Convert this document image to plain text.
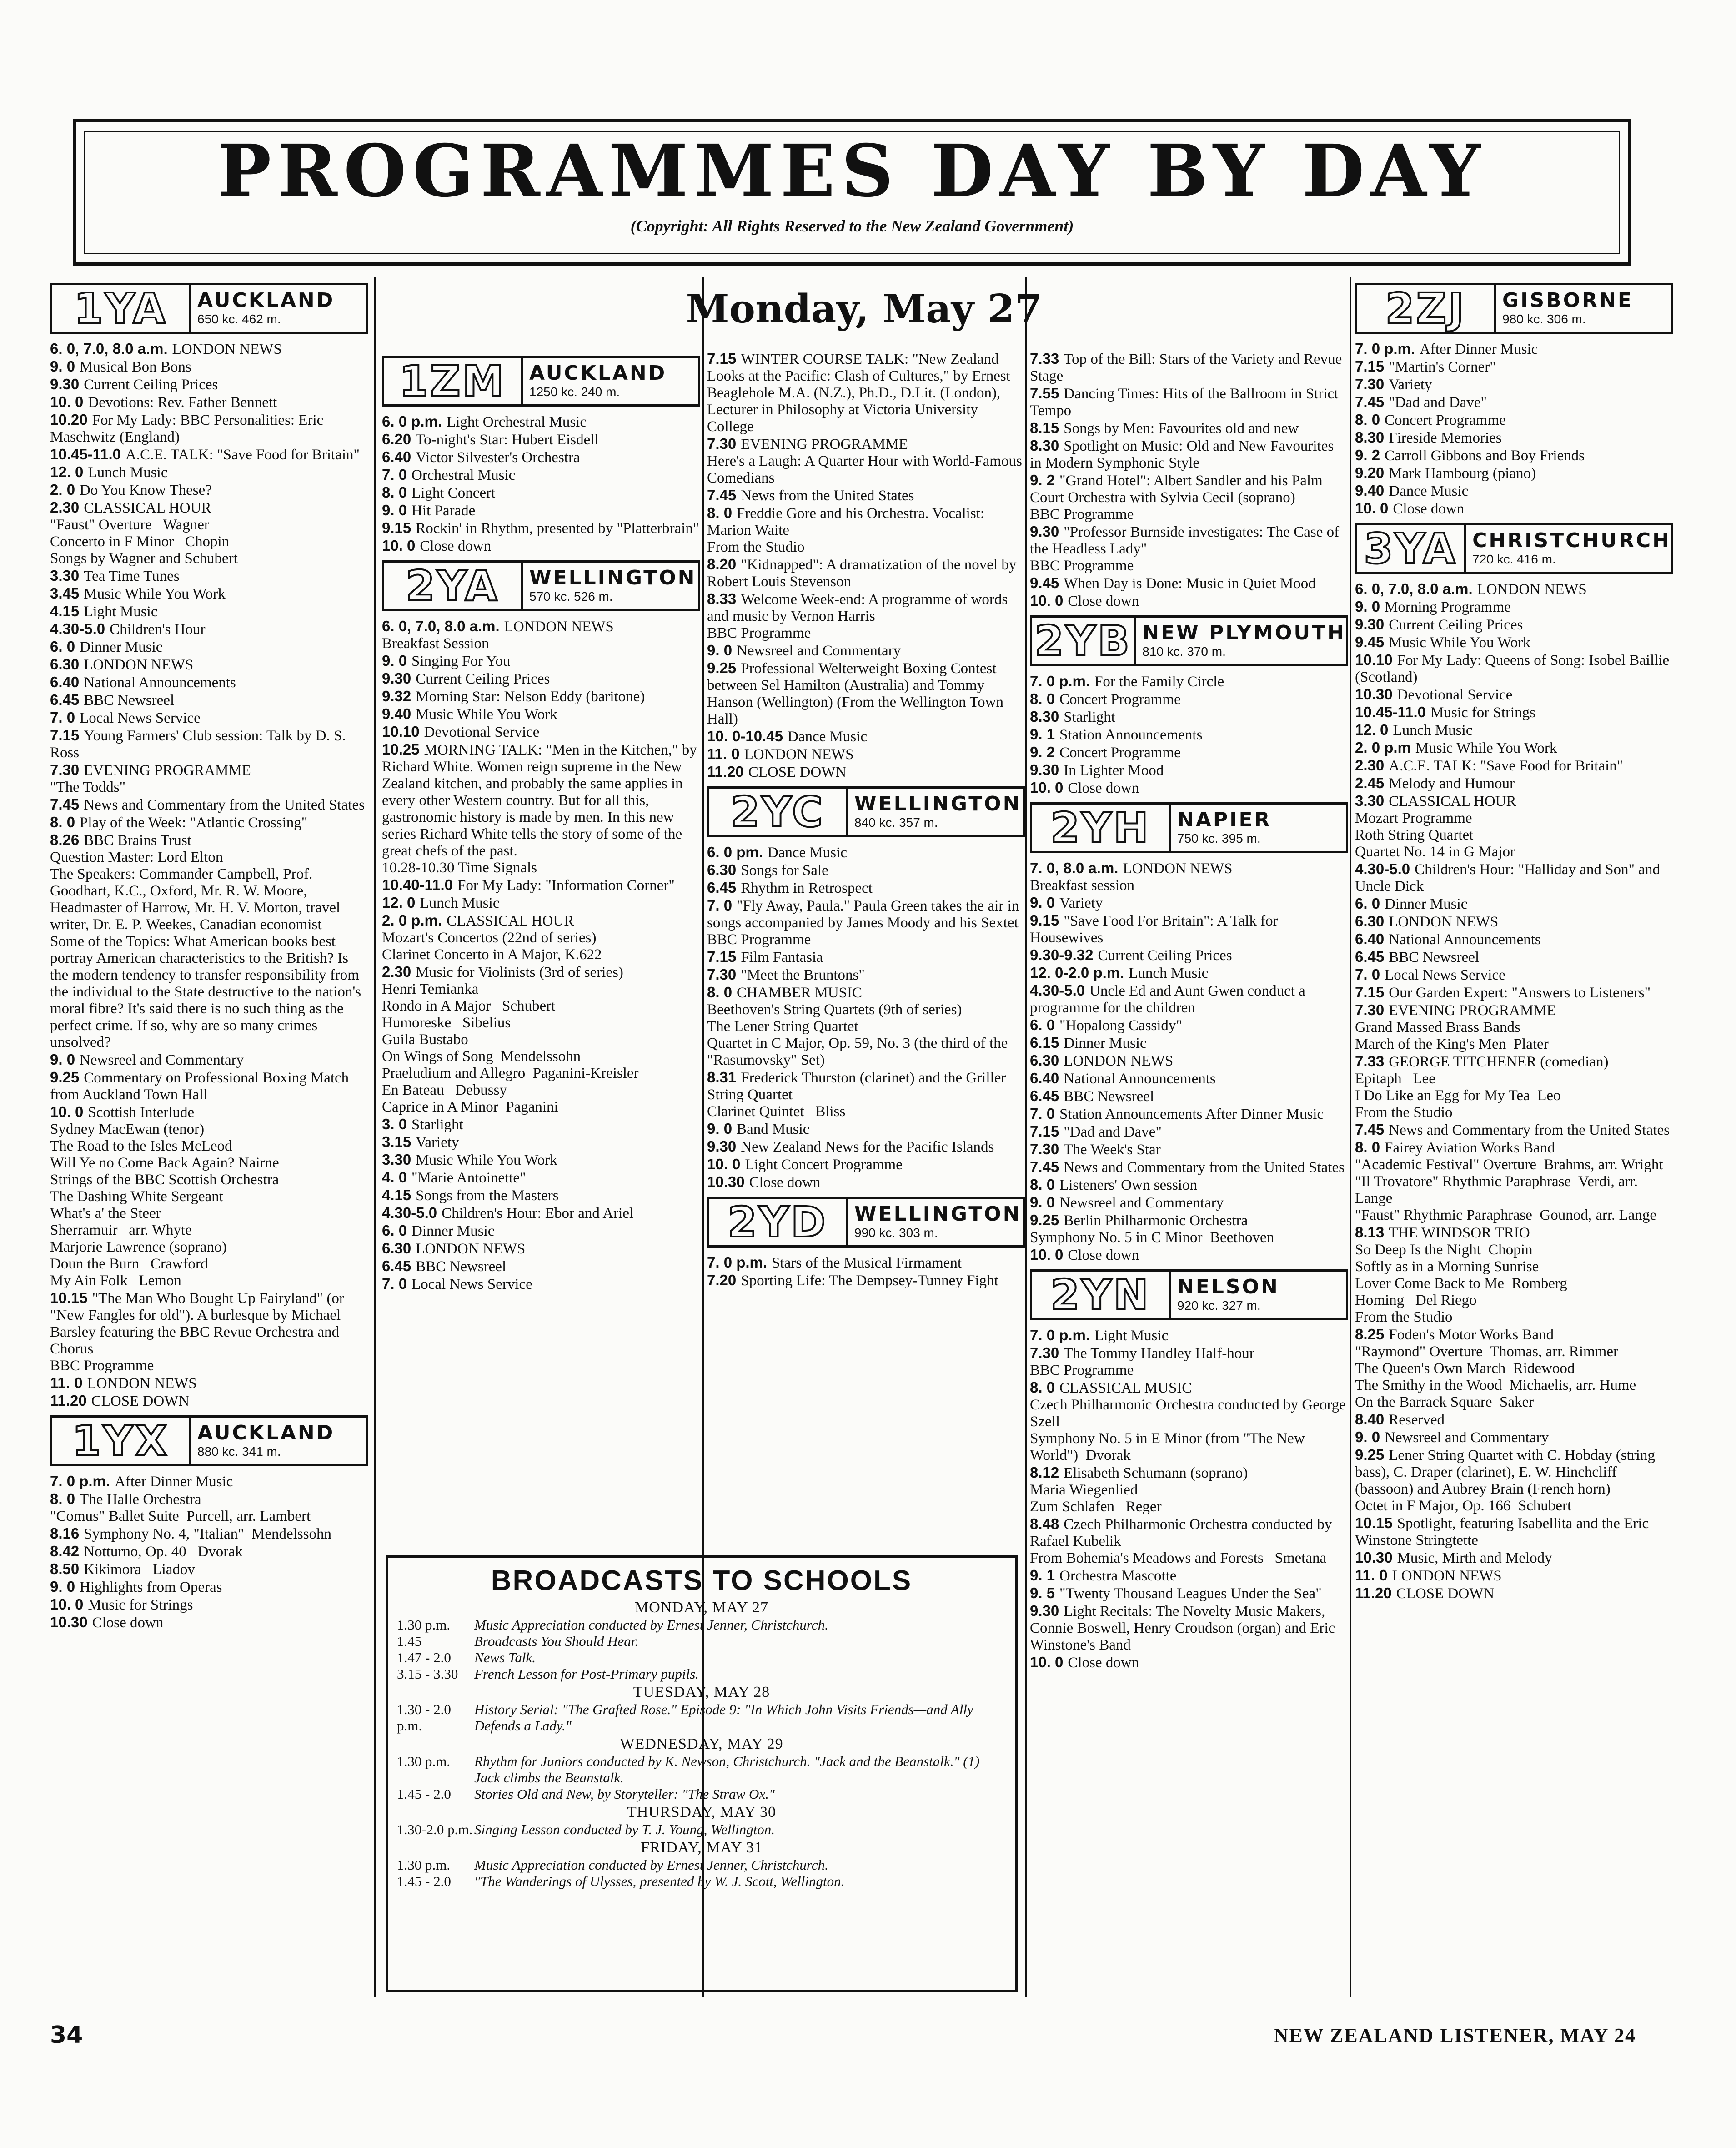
PROGRAMMES DAY BY DAY
(Copyright: All Rights Reserved to the New Zealand Government)
Monday, May 27
1YA	AUCKLAND
650 kc. 462 m.

6. 0, 7.0, 8.0 a.m. LONDON NEWS

9. 0 Musical Bon Bons

9.30 Current Ceiling Prices

10. 0 Devotions: Rev. Father Bennett

10.20 For My Lady: BBC Personalities: Eric Maschwitz (England)

10.45-11.0 A.C.E. TALK: "Save Food for Britain"

12. 0 Lunch Music

2. 0 Do You Know These?

2.30 CLASSICAL HOUR

"Faust" Overture   Wagner

Concerto in F Minor   Chopin

Songs by Wagner and Schubert

3.30 Tea Time Tunes

3.45 Music While You Work

4.15 Light Music

4.30-5.0 Children's Hour

6. 0 Dinner Music

6.30 LONDON NEWS

6.40 National Announcements

6.45 BBC Newsreel

7. 0 Local News Service

7.15 Young Farmers' Club session: Talk by D. S. Ross

7.30 EVENING PROGRAMME

"The Todds"

7.45 News and Commentary from the United States

8. 0 Play of the Week: "Atlantic Crossing"

8.26 BBC Brains Trust

Question Master: Lord Elton

The Speakers: Commander Campbell, Prof. Goodhart, K.C., Oxford, Mr. R. W. Moore, Headmaster of Harrow, Mr. H. V. Morton, travel writer, Dr. E. P. Weekes, Canadian economist

Some of the Topics: What American books best portray American characteristics to the British? Is the modern tendency to transfer responsibility from the individual to the State destructive to the nation's moral fibre? It's said there is no such thing as the perfect crime. If so, why are so many crimes unsolved?

9. 0 Newsreel and Commentary

9.25 Commentary on Professional Boxing Match from Auckland Town Hall

10. 0 Scottish Interlude

Sydney MacEwan (tenor)

The Road to the Isles McLeod

Will Ye no Come Back Again? Nairne

Strings of the BBC Scottish Orchestra

The Dashing White Sergeant

What's a' the Steer

Sherramuir   arr. Whyte

Marjorie Lawrence (soprano)

Doun the Burn   Crawford

My Ain Folk   Lemon

10.15 "The Man Who Bought Up Fairyland" (or "New Fangles for old"). A burlesque by Michael Barsley featuring the BBC Revue Orchestra and Chorus

BBC Programme

11. 0 LONDON NEWS

11.20 CLOSE DOWN

1YX	AUCKLAND
880 kc. 341 m.

7. 0 p.m. After Dinner Music

8. 0 The Halle Orchestra

"Comus" Ballet Suite  Purcell, arr. Lambert

8.16 Symphony No. 4, "Italian"  Mendelssohn

8.42 Notturno, Op. 40   Dvorak

8.50 Kikimora   Liadov

9. 0 Highlights from Operas

10. 0 Music for Strings

10.30 Close down

1ZM	AUCKLAND
1250 kc. 240 m.

6. 0 p.m. Light Orchestral Music

6.20 To-night's Star: Hubert Eisdell

6.40 Victor Silvester's Orchestra

7. 0 Orchestral Music

8. 0 Light Concert

9. 0 Hit Parade

9.15 Rockin' in Rhythm, presented by "Platterbrain"

10. 0 Close down

2YA	WELLINGTON
570 kc. 526 m.

6. 0, 7.0, 8.0 a.m. LONDON NEWS

Breakfast Session

9. 0 Singing For You

9.30 Current Ceiling Prices

9.32 Morning Star: Nelson Eddy (baritone)

9.40 Music While You Work

10.10 Devotional Service

10.25 MORNING TALK: "Men in the Kitchen," by Richard White. Women reign supreme in the New Zealand kitchen, and probably the same applies in every other Western country. But for all this, gastronomic history is made by men. In this new series Richard White tells the story of some of the great chefs of the past.

10.28-10.30 Time Signals

10.40-11.0 For My Lady: "Information Corner"

12. 0 Lunch Music

2. 0 p.m. CLASSICAL HOUR

Mozart's Concertos (22nd of series)

Clarinet Concerto in A Major, K.622

2.30 Music for Violinists (3rd of series)

Henri Temianka

Rondo in A Major   Schubert

Humoreske   Sibelius

Guila Bustabo

On Wings of Song  Mendelssohn

Praeludium and Allegro  Paganini-Kreisler

En Bateau   Debussy

Caprice in A Minor  Paganini

3. 0 Starlight

3.15 Variety

3.30 Music While You Work

4. 0 "Marie Antoinette"

4.15 Songs from the Masters

4.30-5.0 Children's Hour: Ebor and Ariel

6. 0 Dinner Music

6.30 LONDON NEWS

6.45 BBC Newsreel

7. 0 Local News Service

7.15 WINTER COURSE TALK: "New Zealand Looks at the Pacific: Clash of Cultures," by Ernest Beaglehole M.A. (N.Z.), Ph.D., D.Lit. (London), Lecturer in Philosophy at Victoria University College

7.30 EVENING PROGRAMME

Here's a Laugh: A Quarter Hour with World-Famous Comedians

7.45 News from the United States

8. 0 Freddie Gore and his Orchestra. Vocalist: Marion Waite

From the Studio

8.20 "Kidnapped": A dramatization of the novel by Robert Louis Stevenson

8.33 Welcome Week-end: A programme of words and music by Vernon Harris

BBC Programme

9. 0 Newsreel and Commentary

9.25 Professional Welterweight Boxing Contest between Sel Hamilton (Australia) and Tommy Hanson (Wellington) (From the Wellington Town Hall)

10. 0-10.45 Dance Music

11. 0 LONDON NEWS

11.20 CLOSE DOWN

2YC	WELLINGTON
840 kc. 357 m.

6. 0 pm. Dance Music

6.30 Songs for Sale

6.45 Rhythm in Retrospect

7. 0 "Fly Away, Paula." Paula Green takes the air in songs accompanied by James Moody and his Sextet

BBC Programme

7.15 Film Fantasia

7.30 "Meet the Bruntons"

8. 0 CHAMBER MUSIC

Beethoven's String Quartets (9th of series)

The Lener String Quartet

Quartet in C Major, Op. 59, No. 3 (the third of the "Rasumovsky" Set)

8.31 Frederick Thurston (clarinet) and the Griller String Quartet

Clarinet Quintet   Bliss

9. 0 Band Music

9.30 New Zealand News for the Pacific Islands

10. 0 Light Concert Programme

10.30 Close down

2YD	WELLINGTON
990 kc. 303 m.

7. 0 p.m. Stars of the Musical Firmament

7.20 Sporting Life: The Dempsey-Tunney Fight

7.33 Top of the Bill: Stars of the Variety and Revue Stage

7.55 Dancing Times: Hits of the Ballroom in Strict Tempo

8.15 Songs by Men: Favourites old and new

8.30 Spotlight on Music: Old and New Favourites in Modern Symphonic Style

9. 2 "Grand Hotel": Albert Sandler and his Palm Court Orchestra with Sylvia Cecil (soprano)

BBC Programme

9.30 "Professor Burnside investigates: The Case of the Headless Lady"

BBC Programme

9.45 When Day is Done: Music in Quiet Mood

10. 0 Close down

2YB NEW PLYMOUTH
810 kc. 370 m.

7. 0 p.m. For the Family Circle

8. 0 Concert Programme

8.30 Starlight

9. 1 Station Announcements

9. 2 Concert Programme

9.30 In Lighter Mood

10. 0 Close down

2YH	NAPIER
750 kc. 395 m.

7. 0, 8.0 a.m. LONDON NEWS

Breakfast session

9. 0 Variety

9.15 "Save Food For Britain": A Talk for Housewives

9.30-9.32 Current Ceiling Prices

12. 0-2.0 p.m. Lunch Music

4.30-5.0 Uncle Ed and Aunt Gwen conduct a programme for the children

6. 0 "Hopalong Cassidy"

6.15 Dinner Music

6.30 LONDON NEWS

6.40 National Announcements

6.45 BBC Newsreel

7. 0 Station Announcements After Dinner Music

7.15 "Dad and Dave"

7.30 The Week's Star

7.45 News and Commentary from the United States

8. 0 Listeners' Own session

9. 0 Newsreel and Commentary

9.25 Berlin Philharmonic Orchestra

Symphony No. 5 in C Minor  Beethoven

10. 0 Close down

2YN	NELSON
920 kc. 327 m.

7. 0 p.m. Light Music

7.30 The Tommy Handley Half-hour

BBC Programme

8. 0 CLASSICAL MUSIC

Czech Philharmonic Orchestra conducted by George Szell

Symphony No. 5 in E Minor (from "The New World")  Dvorak

8.12 Elisabeth Schumann (soprano)

Maria Wiegenlied

Zum Schlafen   Reger

8.48 Czech Philharmonic Orchestra conducted by Rafael Kubelik

From Bohemia's Meadows and Forests   Smetana

9. 1 Orchestra Mascotte

9. 5 "Twenty Thousand Leagues Under the Sea"

9.30 Light Recitals: The Novelty Music Makers, Connie Boswell, Henry Croudson (organ) and Eric Winstone's Band

10. 0 Close down

2ZJ	GISBORNE
980 kc. 306 m.

7. 0 p.m. After Dinner Music

7.15 "Martin's Corner"

7.30 Variety

7.45 "Dad and Dave"

8. 0 Concert Programme

8.30 Fireside Memories

9. 2 Carroll Gibbons and Boy Friends

9.20 Mark Hambourg (piano)

9.40 Dance Music

10. 0 Close down

3YA CHRISTCHURCH
720 kc. 416 m.

6. 0, 7.0, 8.0 a.m. LONDON NEWS

9. 0 Morning Programme

9.30 Current Ceiling Prices

9.45 Music While You Work

10.10 For My Lady: Queens of Song: Isobel Baillie (Scotland)

10.30 Devotional Service

10.45-11.0 Music for Strings

12. 0 Lunch Music

2. 0 p.m Music While You Work

2.30 A.C.E. TALK: "Save Food for Britain"

2.45 Melody and Humour

3.30 CLASSICAL HOUR

Mozart Programme

Roth String Quartet

Quartet No. 14 in G Major

4.30-5.0 Children's Hour: "Halliday and Son" and Uncle Dick

6. 0 Dinner Music

6.30 LONDON NEWS

6.40 National Announcements

6.45 BBC Newsreel

7. 0 Local News Service

7.15 Our Garden Expert: "Answers to Listeners"

7.30 EVENING PROGRAMME

Grand Massed Brass Bands

March of the King's Men  Plater

7.33 GEORGE TITCHENER (comedian)

Epitaph   Lee

I Do Like an Egg for My Tea  Leo

From the Studio

7.45 News and Commentary from the United States

8. 0 Fairey Aviation Works Band

"Academic Festival" Overture  Brahms, arr. Wright

"Il Trovatore" Rhythmic Paraphrase  Verdi, arr. Lange

"Faust" Rhythmic Paraphrase  Gounod, arr. Lange

8.13 THE WINDSOR TRIO

So Deep Is the Night  Chopin

Softly as in a Morning Sunrise

Lover Come Back to Me  Romberg

Homing   Del Riego

From the Studio

8.25 Foden's Motor Works Band

"Raymond" Overture  Thomas, arr. Rimmer

The Queen's Own March  Ridewood

The Smithy in the Wood  Michaelis, arr. Hume

On the Barrack Square  Saker

8.40 Reserved

9. 0 Newsreel and Commentary

9.25 Lener String Quartet with C. Hobday (string bass), C. Draper (clarinet), E. W. Hinchcliff (bassoon) and Aubrey Brain (French horn)

Octet in F Major, Op. 166  Schubert

10.15 Spotlight, featuring Isabellita and the Eric Winstone Stringtette

10.30 Music, Mirth and Melody

11. 0 LONDON NEWS

11.20 CLOSE DOWN

BROADCASTS TO SCHOOLS
MONDAY, MAY 27
1.30 p.m.	Music Appreciation conducted by Ernest Jenner, Christchurch.
1.45	Broadcasts You Should Hear.
1.47 - 2.0	News Talk.
3.15 - 3.30	French Lesson for Post-Primary pupils.
TUESDAY, MAY 28
1.30 - 2.0 p.m.
History Serial: "The Grafted Rose." Episode 9: "In Which John Visits Friends—and Ally Defends a Lady."
WEDNESDAY, MAY 29
1.30 p.m.	Rhythm for Juniors conducted by K. Newson, Christchurch. "Jack and the Beanstalk." (1) Jack climbs the Beanstalk.
1.45 - 2.0	Stories Old and New, by Storyteller: "The Straw Ox."
THURSDAY, MAY 30
1.30-2.0 p.m. Singing Lesson conducted by T. J. Young, Wellington.
FRIDAY, MAY 31
1.30 p.m.	Music Appreciation conducted by Ernest Jenner, Christchurch.
1.45 - 2.0	"The Wanderings of Ulysses, presented by W. J. Scott, Wellington.
34	NEW ZEALAND LISTENER, MAY 24
